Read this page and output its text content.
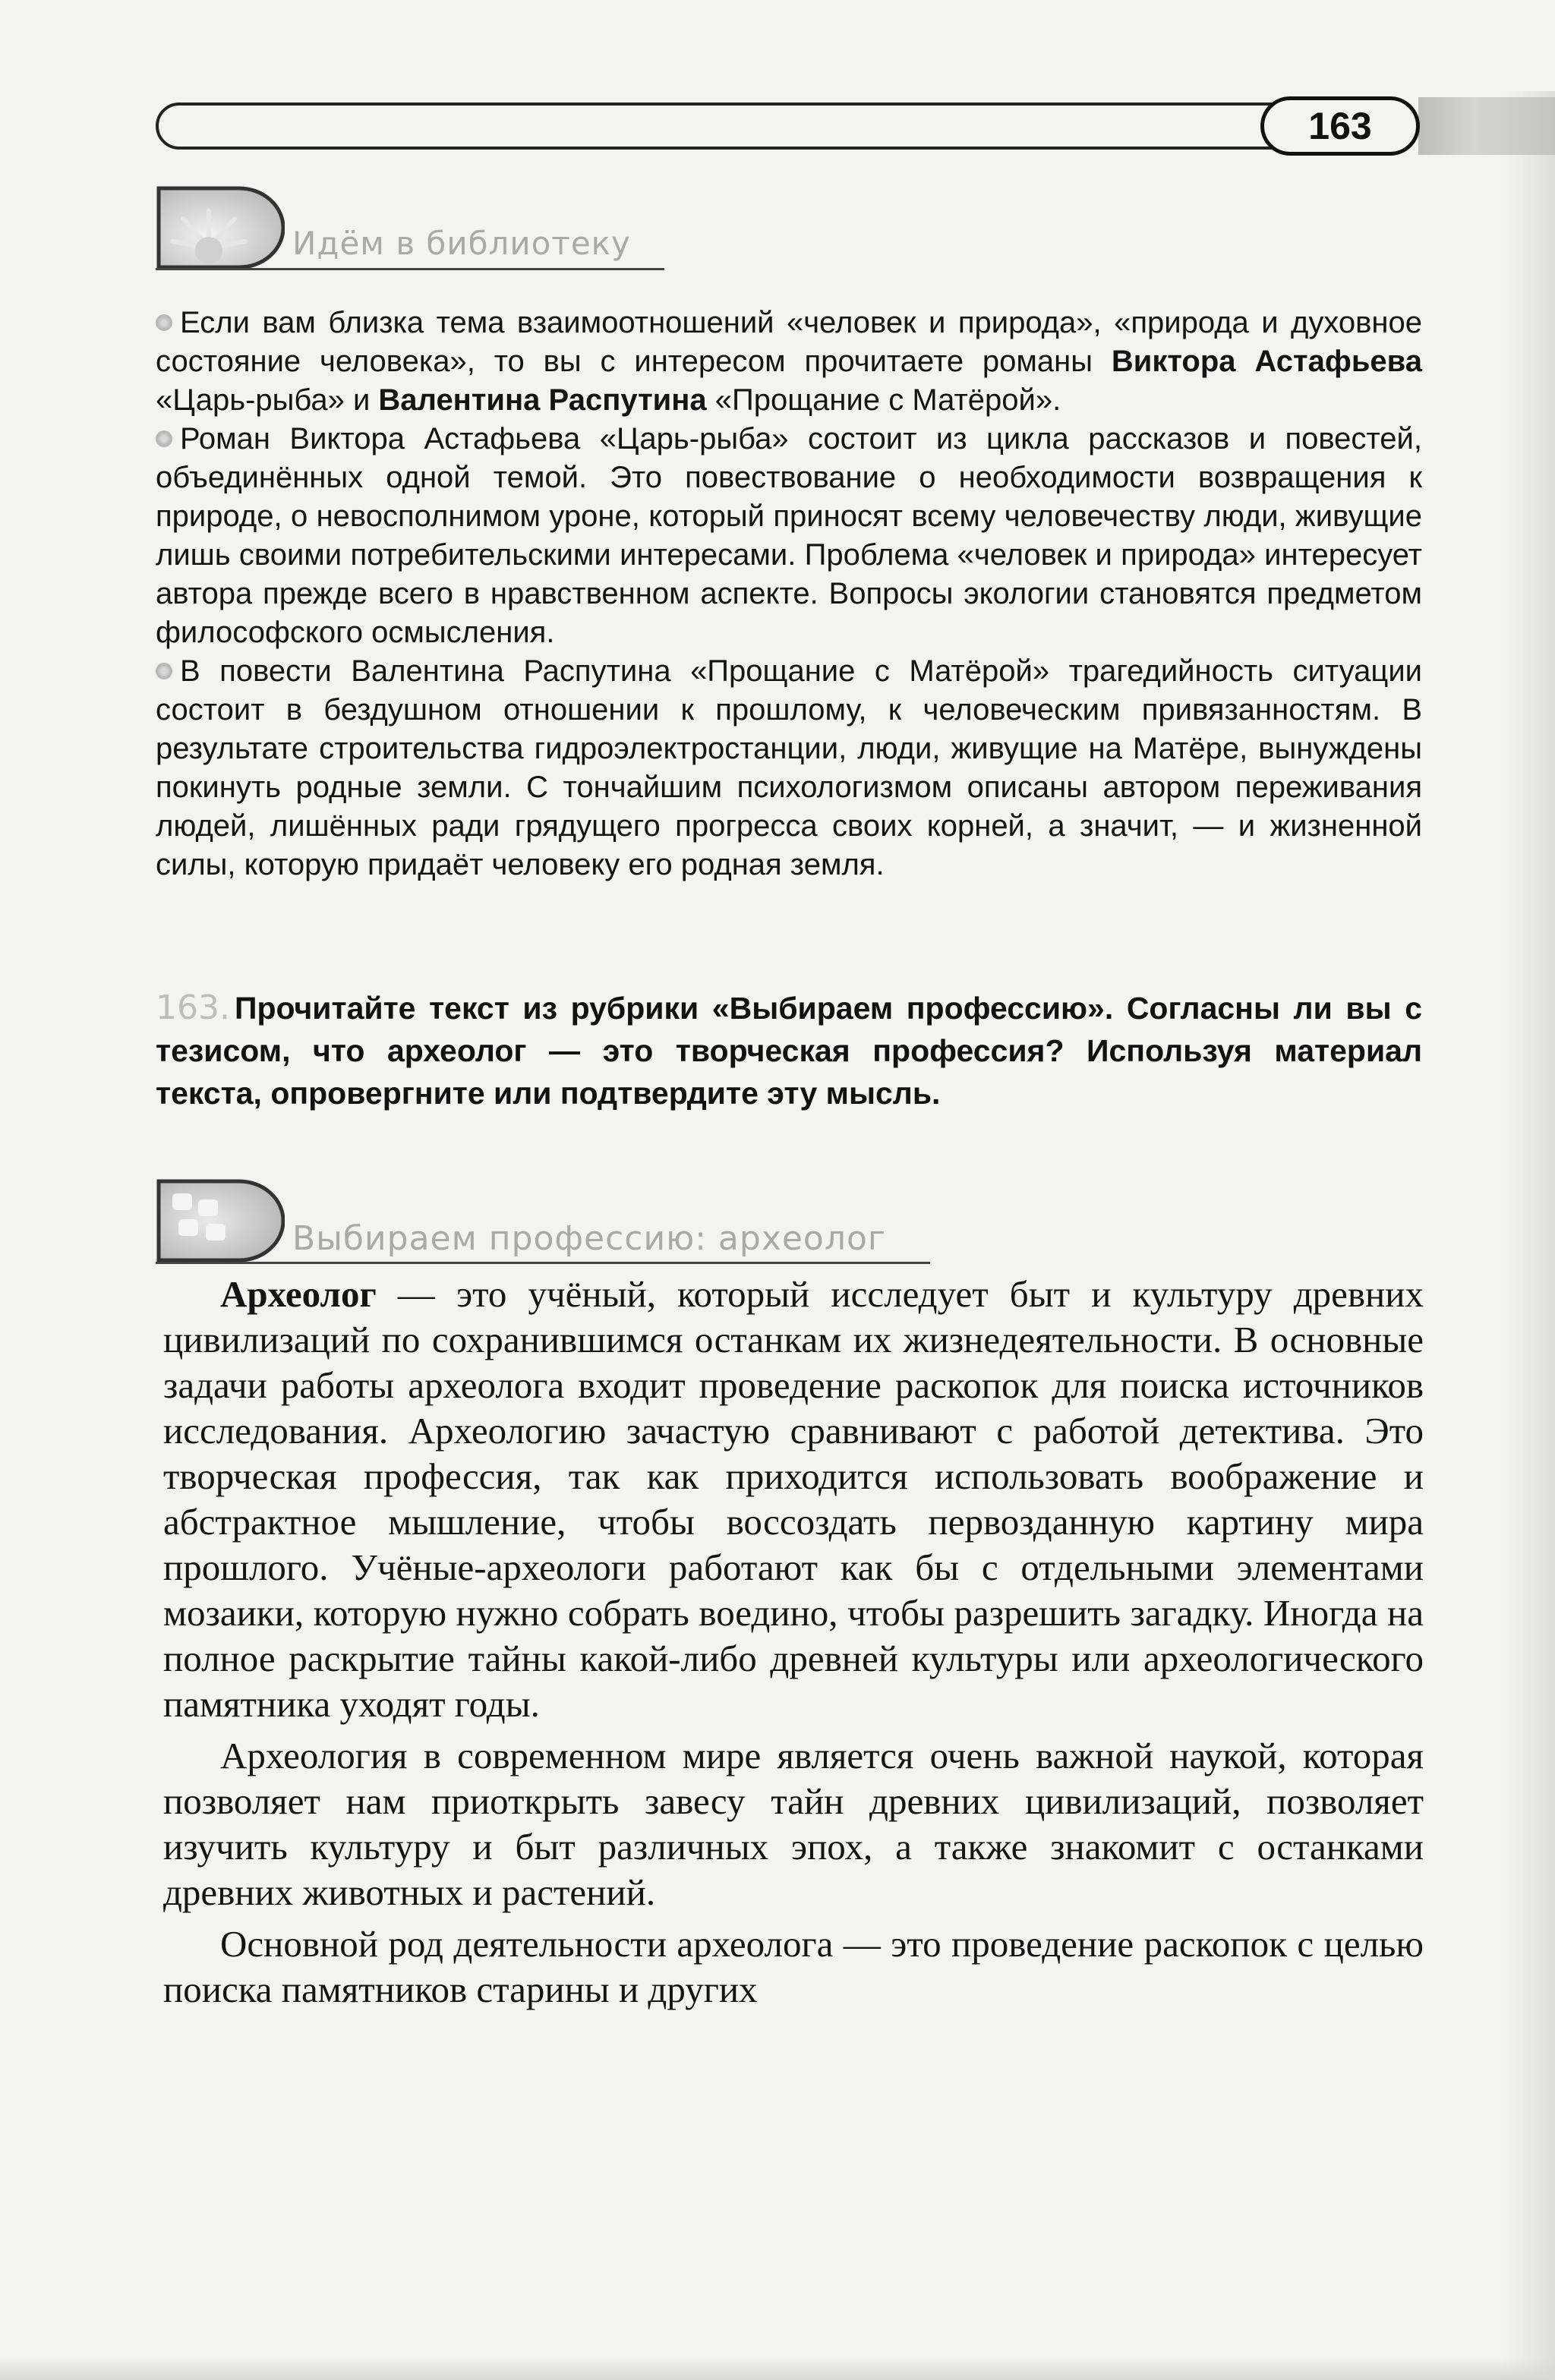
163
Идём в библиотеку

Если вам близка тема взаимоотношений «человек и природа», «природа и духовное состояние человека», то вы с интересом прочитаете романы Виктора Астафьева «Царь-рыба» и Валентина Распутина «Прощание с Матёрой».

Роман Виктора Астафьева «Царь-рыба» состоит из цикла рассказов и повестей, объединённых одной темой. Это повествование о необходимости возвращения к природе, о невосполнимом уроне, который приносят всему человечеству люди, живущие лишь своими потребительскими интересами. Проблема «человек и природа» интересует автора прежде всего в нравственном аспекте. Вопросы экологии становятся предметом философского осмысления.

В повести Валентина Распутина «Прощание с Матёрой» трагедийность ситуации состоит в бездушном отношении к прошлому, к человеческим привязанностям. В результате строительства гидроэлектростанции, люди, живущие на Матёре, вынуждены покинуть родные земли. С тончайшим психологизмом описаны автором переживания людей, лишённых ради грядущего прогресса своих корней, а значит, — и жизненной силы, которую придаёт человеку его родная земля.

163. Прочитайте текст из рубрики «Выбираем профессию». Согласны ли вы с тезисом, что археолог — это творческая профессия? Используя материал текста, опровергните или подтвердите эту мысль.
Выбираем профессию: археолог

Археолог — это учёный, который исследует быт и культуру древних цивилизаций по сохранившимся останкам их жизнедеятельности. В основные задачи работы археолога входит проведение раскопок для поиска источников исследования. Археологию зачастую сравнивают с работой детектива. Это творческая профессия, так как приходится использовать воображение и абстрактное мышление, чтобы воссоздать первозданную картину мира прошлого. Учёные-археологи работают как бы с отдельными элементами мозаики, которую нужно собрать воедино, чтобы разрешить загадку. Иногда на полное раскрытие тайны какой-либо древней культуры или археологического памятника уходят годы.

Археология в современном мире является очень важной наукой, которая позволяет нам приоткрыть завесу тайн древних цивилизаций, позволяет изучить культуру и быт различных эпох, а также знакомит с останками древних животных и растений.

Основной род деятельности археолога — это проведение раскопок с целью поиска памятников старины и других
